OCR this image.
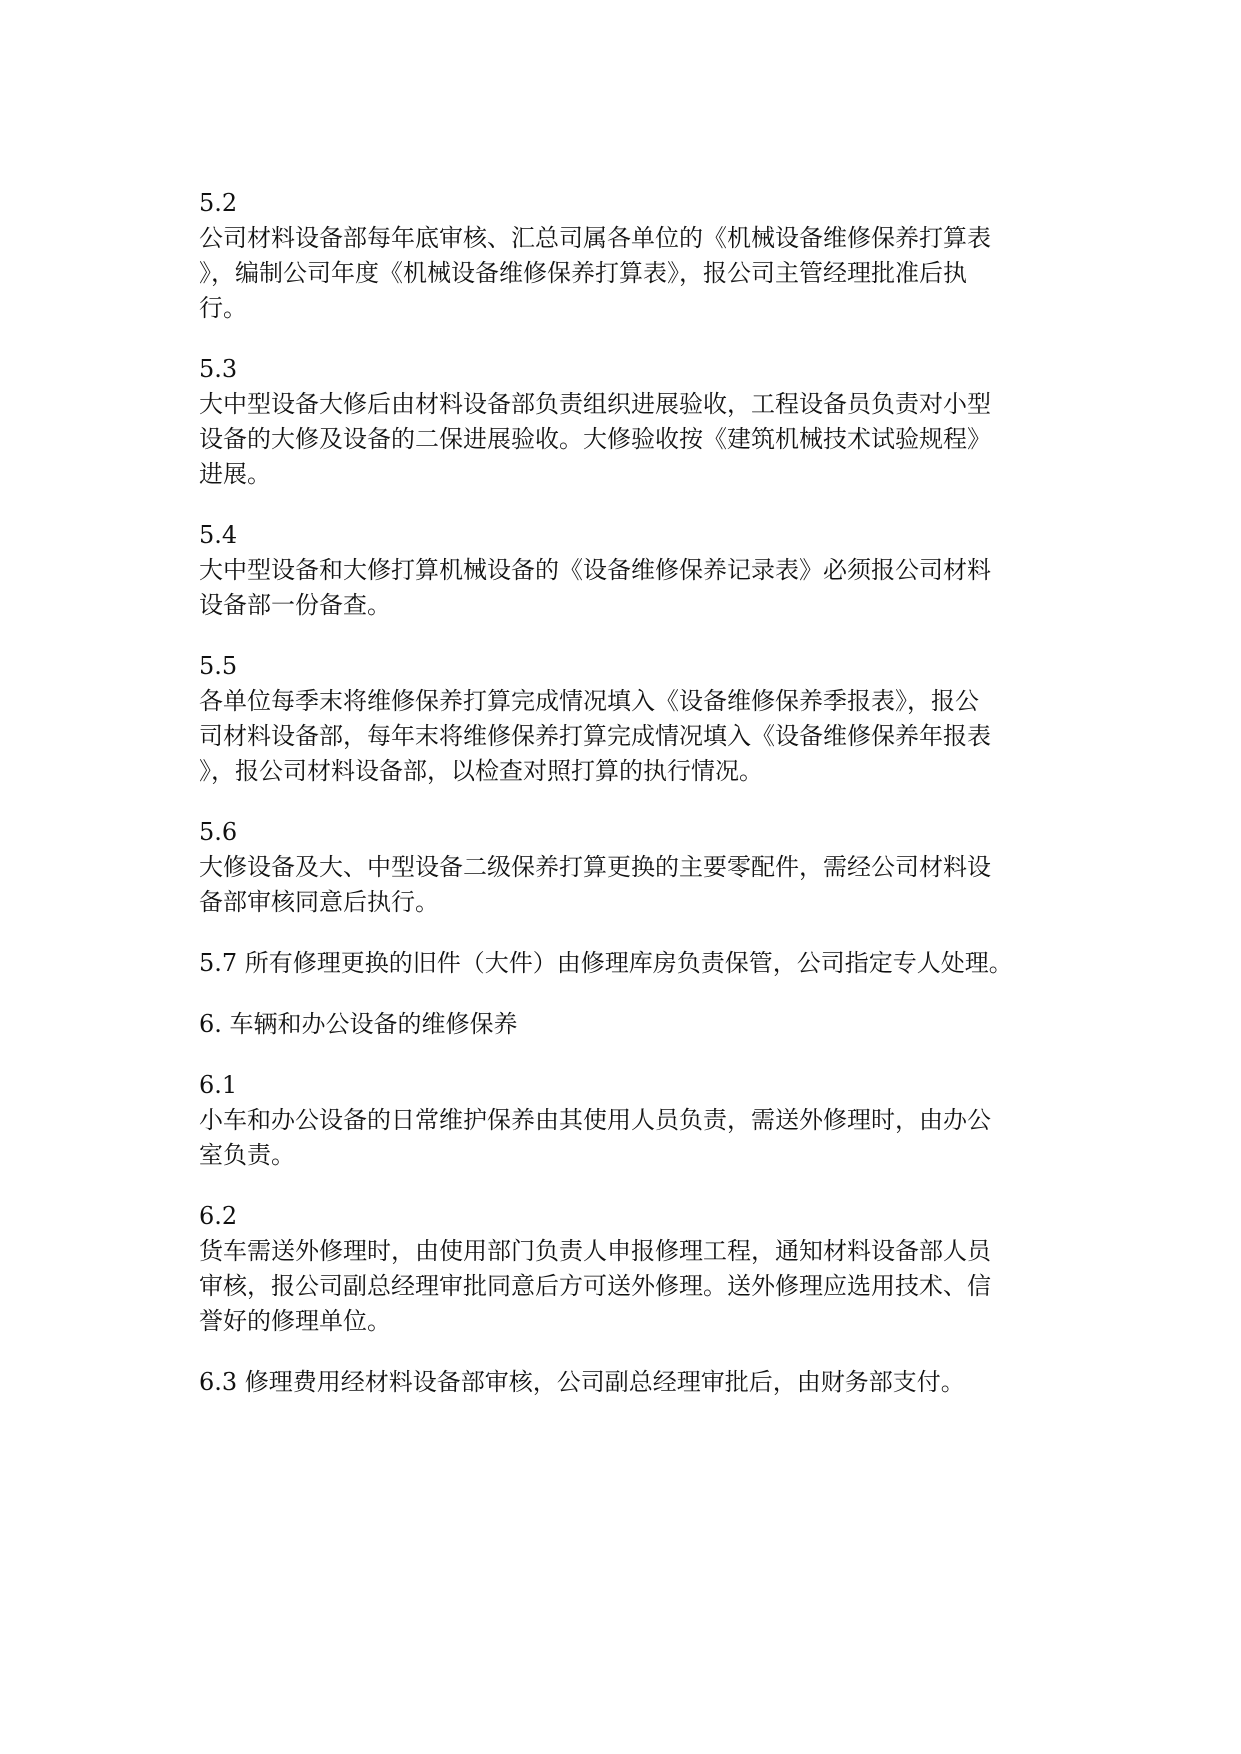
5.2
公司材料设备部每年底审核、汇总司属各单位的《机械设备维修保养打算表
》，编制公司年度《机械设备维修保养打算表》，报公司主管经理批准后执
行。
5.3
大中型设备大修后由材料设备部负责组织进展验收，工程设备员负责对小型
设备的大修及设备的二保进展验收。大修验收按《建筑机械技术试验规程》
进展。
5.4
大中型设备和大修打算机械设备的《设备维修保养记录表》必须报公司材料
设备部一份备查。
5.5
各单位每季末将维修保养打算完成情况填入《设备维修保养季报表》，报公
司材料设备部，每年末将维修保养打算完成情况填入《设备维修保养年报表
》，报公司材料设备部，以检查对照打算的执行情况。
5.6
大修设备及大、中型设备二级保养打算更换的主要零配件，需经公司材料设
备部审核同意后执行。
5.7 所有修理更换的旧件（大件）由修理库房负责保管，公司指定专人处理。
6. 车辆和办公设备的维修保养
6.1
小车和办公设备的日常维护保养由其使用人员负责，需送外修理时，由办公
室负责。
6.2
货车需送外修理时，由使用部门负责人申报修理工程，通知材料设备部人员
审核，报公司副总经理审批同意后方可送外修理。送外修理应选用技术、信
誉好的修理单位。
6.3 修理费用经材料设备部审核，公司副总经理审批后，由财务部支付。
